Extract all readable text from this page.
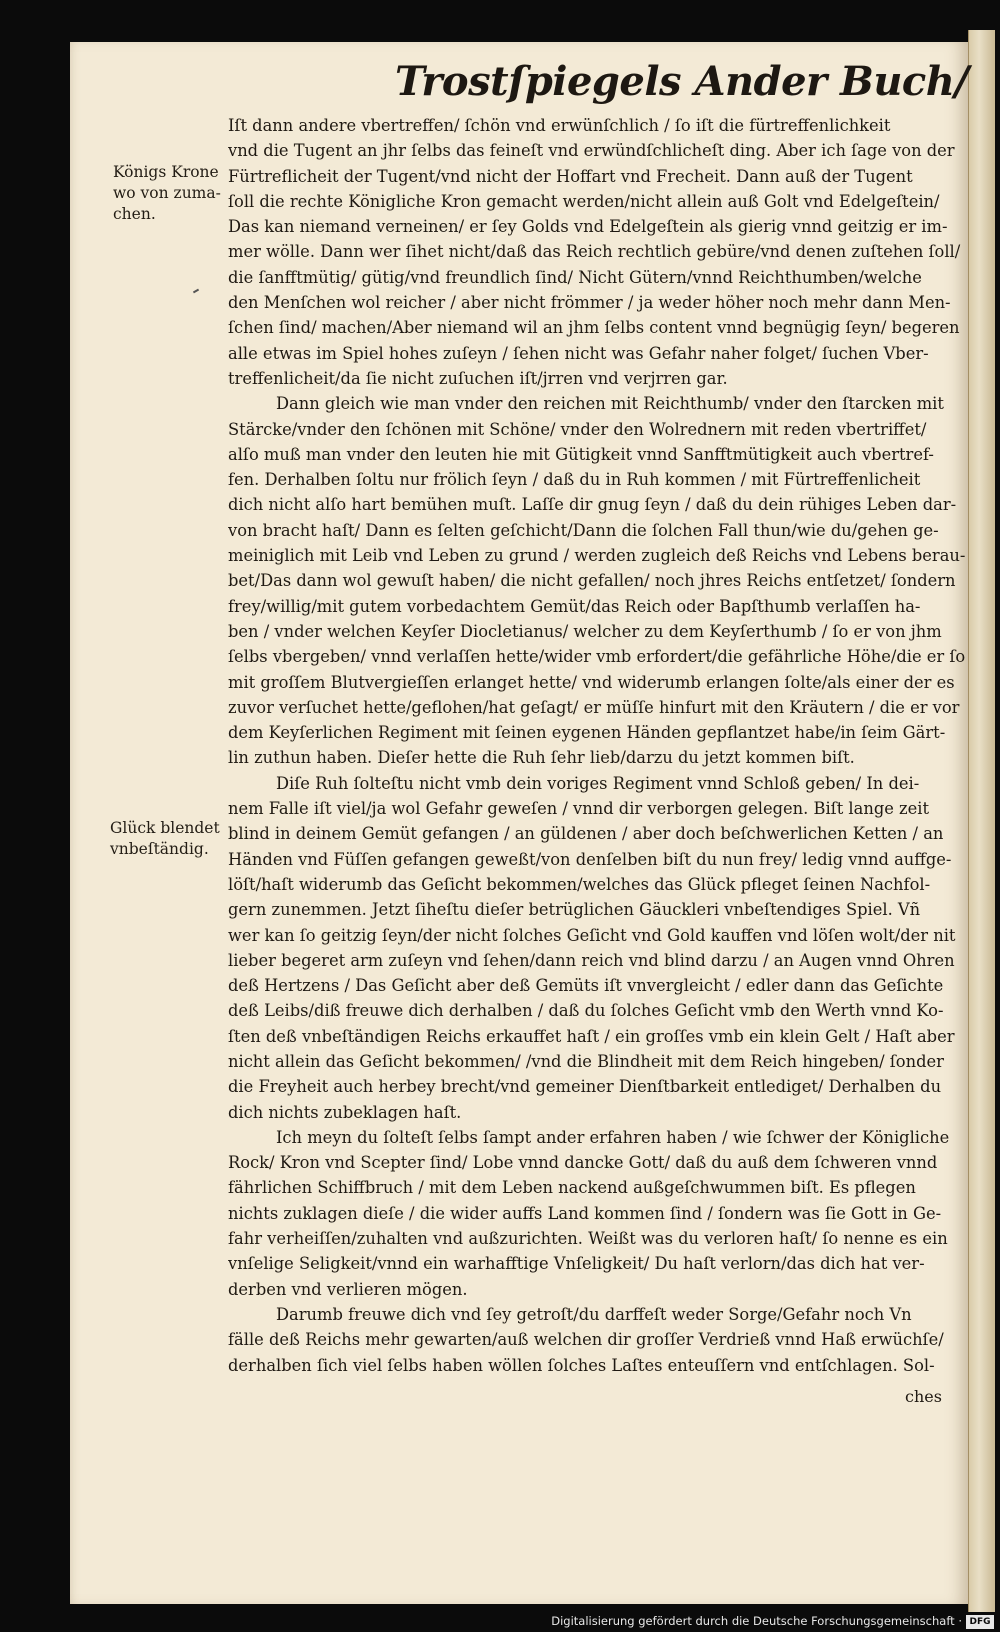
Trostſpiegels Ander Buch/
Königs Krone
wo von zuma-
chen.
Glück blendet
vnbeſtändig.
Iſt dann andere vbertreffen/ ſchön vnd erwünſchlich / ſo iſt die fürtreffenlichkeit
vnd die Tugent an jhr ſelbs das feineſt vnd erwündſchlicheſt ding. Aber ich ſage von der
Fürtreflicheit der Tugent/vnd nicht der Hoffart vnd Frecheit. Dann auß der Tugent
ſoll die rechte Königliche Kron gemacht werden/nicht allein auß Golt vnd Edelgeſtein/
Das kan niemand verneinen/ er ſey Golds vnd Edelgeſtein als gierig vnnd geitzig er im-
mer wölle. Dann wer ſihet nicht/daß das Reich rechtlich gebüre/vnd denen zuſtehen ſoll/
die ſanfftmütig/ gütig/vnd freundlich ſind/ Nicht Gütern/vnnd Reichthumben/welche
den Menſchen wol reicher / aber nicht frömmer / ja weder höher noch mehr dann Men-
ſchen ſind/ machen/Aber niemand wil an jhm ſelbs content vnnd begnügig ſeyn/ begeren
alle etwas im Spiel hohes zuſeyn / ſehen nicht was Gefahr naher folget/ ſuchen Vber-
treffenlicheit/da ſie nicht zuſuchen iſt/jrren vnd verjrren gar.
Dann gleich wie man vnder den reichen mit Reichthumb/ vnder den ſtarcken mit
Stärcke/vnder den ſchönen mit Schöne/ vnder den Wolrednern mit reden vbertriffet/
alſo muß man vnder den leuten hie mit Gütigkeit vnnd Sanfftmütigkeit auch vbertref-
fen. Derhalben ſoltu nur frölich ſeyn / daß du in Ruh kommen / mit Fürtreffenlicheit
dich nicht alſo hart bemühen muſt. Laſſe dir gnug ſeyn / daß du dein rühiges Leben dar-
von bracht haſt/ Dann es ſelten geſchicht/Dann die ſolchen Fall thun/wie du/gehen ge-
meiniglich mit Leib vnd Leben zu grund / werden zugleich deß Reichs vnd Lebens berau-
bet/Das dann wol gewuſt haben/ die nicht gefallen/ noch jhres Reichs entſetzet/ ſondern
frey/willig/mit gutem vorbedachtem Gemüt/das Reich oder Bapſthumb verlaſſen ha-
ben / vnder welchen Keyſer Diocletianus/ welcher zu dem Keyſerthumb / ſo er von jhm
ſelbs vbergeben/ vnnd verlaſſen hette/wider vmb erfordert/die gefährliche Höhe/die er ſo
mit groſſem Blutvergieſſen erlanget hette/ vnd widerumb erlangen ſolte/als einer der es
zuvor verſuchet hette/geflohen/hat geſagt/ er müſſe hinfurt mit den Kräutern / die er vor
dem Keyſerlichen Regiment mit ſeinen eygenen Händen gepflantzet habe/in ſeim Gärt-
lin zuthun haben. Dieſer hette die Ruh ſehr lieb/darzu du jetzt kommen biſt.
Diſe Ruh ſolteſtu nicht vmb dein voriges Regiment vnnd Schloß geben/ In dei-
nem Falle iſt viel/ja wol Gefahr geweſen / vnnd dir verborgen gelegen. Biſt lange zeit
blind in deinem Gemüt gefangen / an güldenen / aber doch beſchwerlichen Ketten / an
Händen vnd Füſſen gefangen geweßt/von denſelben biſt du nun frey/ ledig vnnd auffge-
löſt/haſt widerumb das Geſicht bekommen/welches das Glück pfleget ſeinen Nachfol-
gern zunemmen. Jetzt ſiheſtu dieſer betrüglichen Gäuckleri vnbeſtendiges Spiel. Vñ
wer kan ſo geitzig ſeyn/der nicht ſolches Geſicht vnd Gold kauffen vnd löſen wolt/der nit
lieber begeret arm zuſeyn vnd ſehen/dann reich vnd blind darzu / an Augen vnnd Ohren
deß Hertzens / Das Geſicht aber deß Gemüts iſt vnvergleicht / edler dann das Geſichte
deß Leibs/diß freuwe dich derhalben / daß du ſolches Geſicht vmb den Werth vnnd Ko-
ſten deß vnbeſtändigen Reichs erkauffet haſt / ein groſſes vmb ein klein Gelt / Haſt aber
nicht allein das Geſicht bekommen/ /vnd die Blindheit mit dem Reich hingeben/ ſonder
die Freyheit auch herbey brecht/vnd gemeiner Dienſtbarkeit entlediget/ Derhalben du
dich nichts zubeklagen haſt.
Ich meyn du ſolteſt ſelbs ſampt ander erfahren haben / wie ſchwer der Königliche
Rock/ Kron vnd Scepter ſind/ Lobe vnnd dancke Gott/ daß du auß dem ſchweren vnnd
fährlichen Schiffbruch / mit dem Leben nackend außgeſchwummen biſt. Es pflegen
nichts zuklagen dieſe / die wider auffs Land kommen ſind / ſondern was ſie Gott in Ge-
fahr verheiſſen/zuhalten vnd außzurichten. Weißt was du verloren haſt/ ſo nenne es ein
vnſelige Seligkeit/vnnd ein warhafftige Vnſeligkeit/ Du haſt verlorn/das dich hat ver-
derben vnd verlieren mögen.
Darumb freuwe dich vnd ſey getroſt/du darffeſt weder Sorge/Gefahr noch Vn
fälle deß Reichs mehr gewarten/auß welchen dir groſſer Verdrieß vnnd Haß erwüchſe/
derhalben ſich viel ſelbs haben wöllen ſolches Laſtes enteuſſern vnd entſchlagen. Sol-
ches
Digitalisierung gefördert durch die Deutsche Forschungsgemeinschaft · DFG
